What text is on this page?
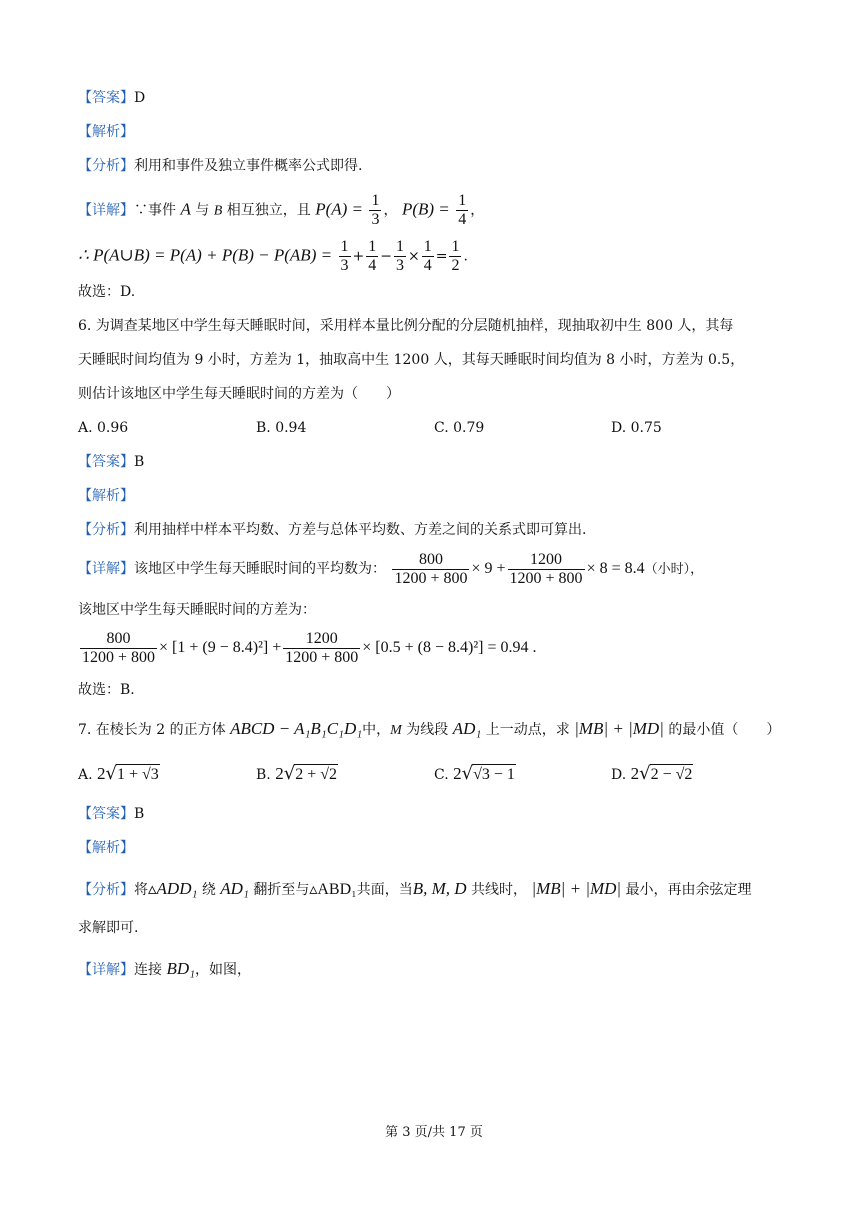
【答案】D
【解析】
【分析】利用和事件及独立事件概率公式即得.
【详解】∵事件 A 与 B 相互独立，且 $P(A) = \frac{1}{3}$ ， $P(B) = \frac{1}{4}$ ，
∴ P(A∪B) = $P(A) + P(B) - P(AB) = \frac{1}{3} + \frac{1}{4} - \frac{1}{3} \times \frac{1}{4} = \frac{1}{2}$ .
故选：D.
6. 为调查某地区中学生每天睡眠时间，采用样本量比例分配的分层随机抽样，现抽取初中生 800 人，其每
天睡眠时间均值为 9 小时，方差为 1，抽取高中生 1200 人，其每天睡眠时间均值为 8 小时，方差为 0.5，
则估计该地区中学生每天睡眠时间的方差为（　　）
A. 0.96	B. 0.94	C. 0.79	D. 0.75
【答案】B
【解析】
【分析】利用抽样中样本平均数、方差与总体平均数、方差之间的关系式即可算出.
【详解】该地区中学生每天睡眠时间的平均数为： $\frac{800}{1200 + 800} \times 9 + \frac{1200}{1200 + 800} \times 8 = 8.4$（小时），
该地区中学生每天睡眠时间的方差为：
$\frac{800}{1200 + 800} \times [1 + (9 - 8.4)^2] + \frac{1200}{1200 + 800} \times [0.5 + (8 - 8.4)^2] = 0.94$ .
故选：B.
7. 在棱长为 2 的正方体 ABCD − A₁B₁C₁D₁中，M 为线段 AD₁ 上一动点，求 |MB| + |MD| 的最小值（　　）
A. 2√1 + √3	B. 2√2 + √2	C. 2√√3 − 1	D. 2√2 − √2
【答案】B
【解析】
【分析】将▵ADD₁ 绕 AD₁ 翻折至与▵ABD₁共面，当B, M, D 共线时， |MB| + |MD| 最小，再由余弦定理
求解即可.
【详解】连接 BD₁，如图，
第 3 页/共 17 页
